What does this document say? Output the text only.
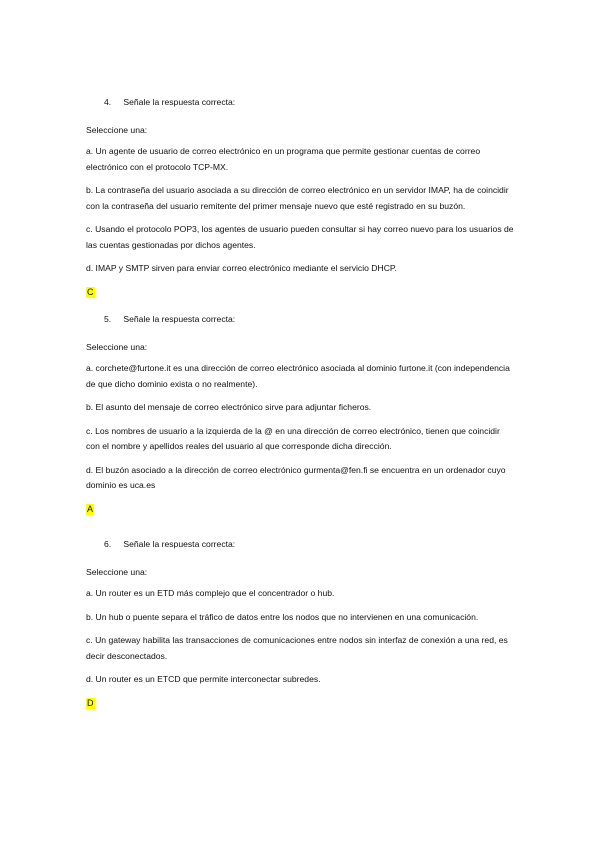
4. Señale la respuesta correcta:
Seleccione una:
a. Un agente de usuario de correo electrónico en un programa que permite gestionar cuentas de correo electrónico con el protocolo TCP-MX.
b. La contraseña del usuario asociada a su dirección de correo electrónico en un servidor IMAP, ha de coincidir con la contraseña del usuario remitente del primer mensaje nuevo que esté registrado en su buzón.
c. Usando el protocolo POP3, los agentes de usuario pueden consultar si hay correo nuevo para los usuarios de las cuentas gestionadas por dichos agentes.
d. IMAP y SMTP sirven para enviar correo electrónico mediante el servicio DHCP.
C
5. Señale la respuesta correcta:
Seleccione una:
a. corchete@furtone.it es una dirección de correo electrónico asociada al dominio furtone.it (con independencia de que dicho dominio exista o no realmente).
b. El asunto del mensaje de correo electrónico sirve para adjuntar ficheros.
c. Los nombres de usuario a la izquierda de la @ en una dirección de correo electrónico, tienen que coincidir con el nombre y apellidos reales del usuario al que corresponde dicha dirección.
d. El buzón asociado a la dirección de correo electrónico gurmenta@fen.fi se encuentra en un ordenador cuyo dominio es uca.es
A
6. Señale la respuesta correcta:
Seleccione una:
a. Un router es un ETD más complejo que el concentrador o hub.
b. Un hub o puente separa el tráfico de datos entre los nodos que no intervienen en una comunicación.
c. Un gateway habilita las transacciones de comunicaciones entre nodos sin interfaz de conexión a una red, es decir desconectados.
d. Un router es un ETCD que permite interconectar subredes.
D
